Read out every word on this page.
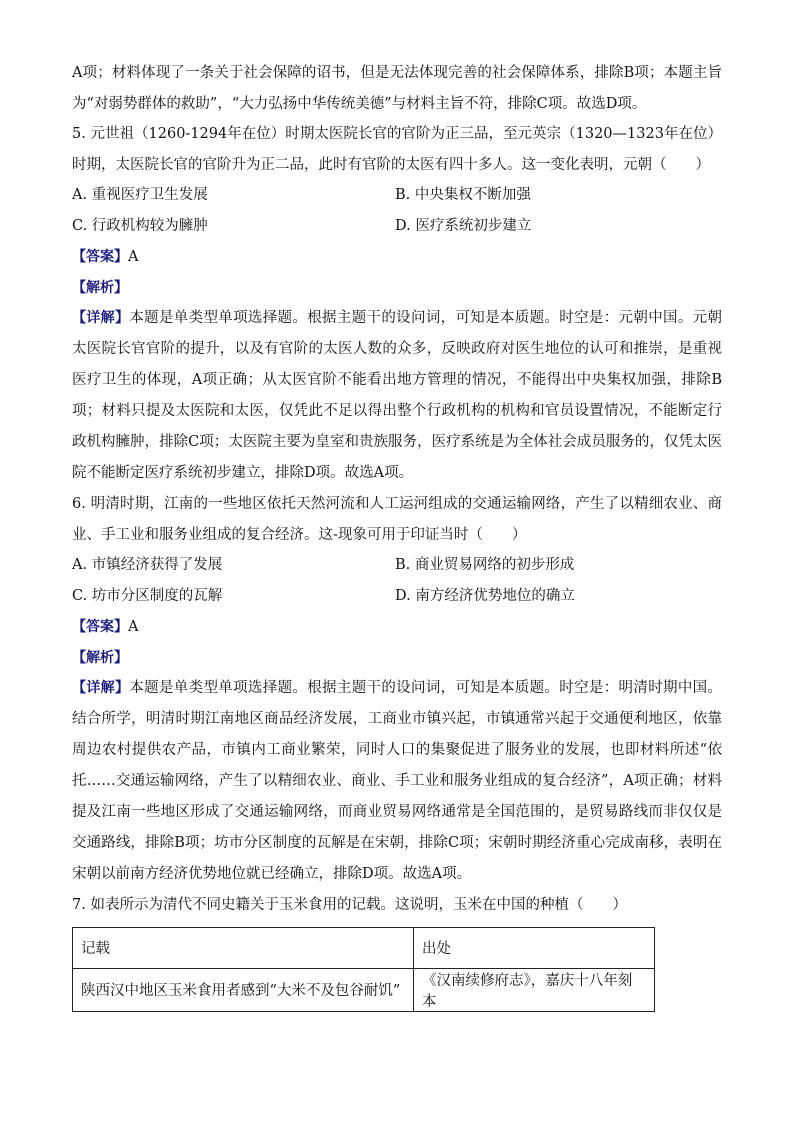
A项；材料体现了一条关于社会保障的诏书，但是无法体现完善的社会保障体系，排除B项；本题主旨为“对弱势群体的救助”，“大力弘扬中华传统美德”与材料主旨不符，排除C项。故选D项。

5. 元世祖（1260-1294年在位）时期太医院长官的官阶为正三品，至元英宗（1320—1323年在位）时期，太医院长官的官阶升为正二品，此时有官阶的太医有四十多人。这一变化表明，元朝（　　）

A. 重视医疗卫生发展	B. 中央集权不断加强
C. 行政机构较为臃肿	D. 医疗系统初步建立

【答案】A

【解析】

【详解】本题是单类型单项选择题。根据主题干的设问词，可知是本质题。时空是：元朝中国。元朝太医院长官官阶的提升，以及有官阶的太医人数的众多，反映政府对医生地位的认可和推崇，是重视医疗卫生的体现，A项正确；从太医官阶不能看出地方管理的情况，不能得出中央集权加强，排除B项；材料只提及太医院和太医，仅凭此不足以得出整个行政机构的机构和官员设置情况，不能断定行政机构臃肿，排除C项；太医院主要为皇室和贵族服务，医疗系统是为全体社会成员服务的，仅凭太医院不能断定医疗系统初步建立，排除D项。故选A项。

6. 明清时期，江南的一些地区依托天然河流和人工运河组成的交通运输网络，产生了以精细农业、商业、手工业和服务业组成的复合经济。这-现象可用于印证当时（　　）

A. 市镇经济获得了发展	B. 商业贸易网络的初步形成
C. 坊市分区制度的瓦解	D. 南方经济优势地位的确立

【答案】A

【解析】

【详解】本题是单类型单项选择题。根据主题干的设问词，可知是本质题。时空是：明清时期中国。结合所学，明清时期江南地区商品经济发展，工商业市镇兴起，市镇通常兴起于交通便利地区，依靠周边农村提供农产品，市镇内工商业繁荣，同时人口的集聚促进了服务业的发展，也即材料所述“依托……交通运输网络，产生了以精细农业、商业、手工业和服务业组成的复合经济”，A项正确；材料提及江南一些地区形成了交通运输网络，而商业贸易网络通常是全国范围的，是贸易路线而非仅仅是交通路线，排除B项；坊市分区制度的瓦解是在宋朝，排除C项；宋朝时期经济重心完成南移，表明在宋朝以前南方经济优势地位就已经确立，排除D项。故选A项。

7. 如表所示为清代不同史籍关于玉米食用的记载。这说明，玉米在中国的种植（　　）

记载	出处
陕西汉中地区玉米食用者感到“大米不及包谷耐饥”	《汉南续修府志》，嘉庆十八年刻本
